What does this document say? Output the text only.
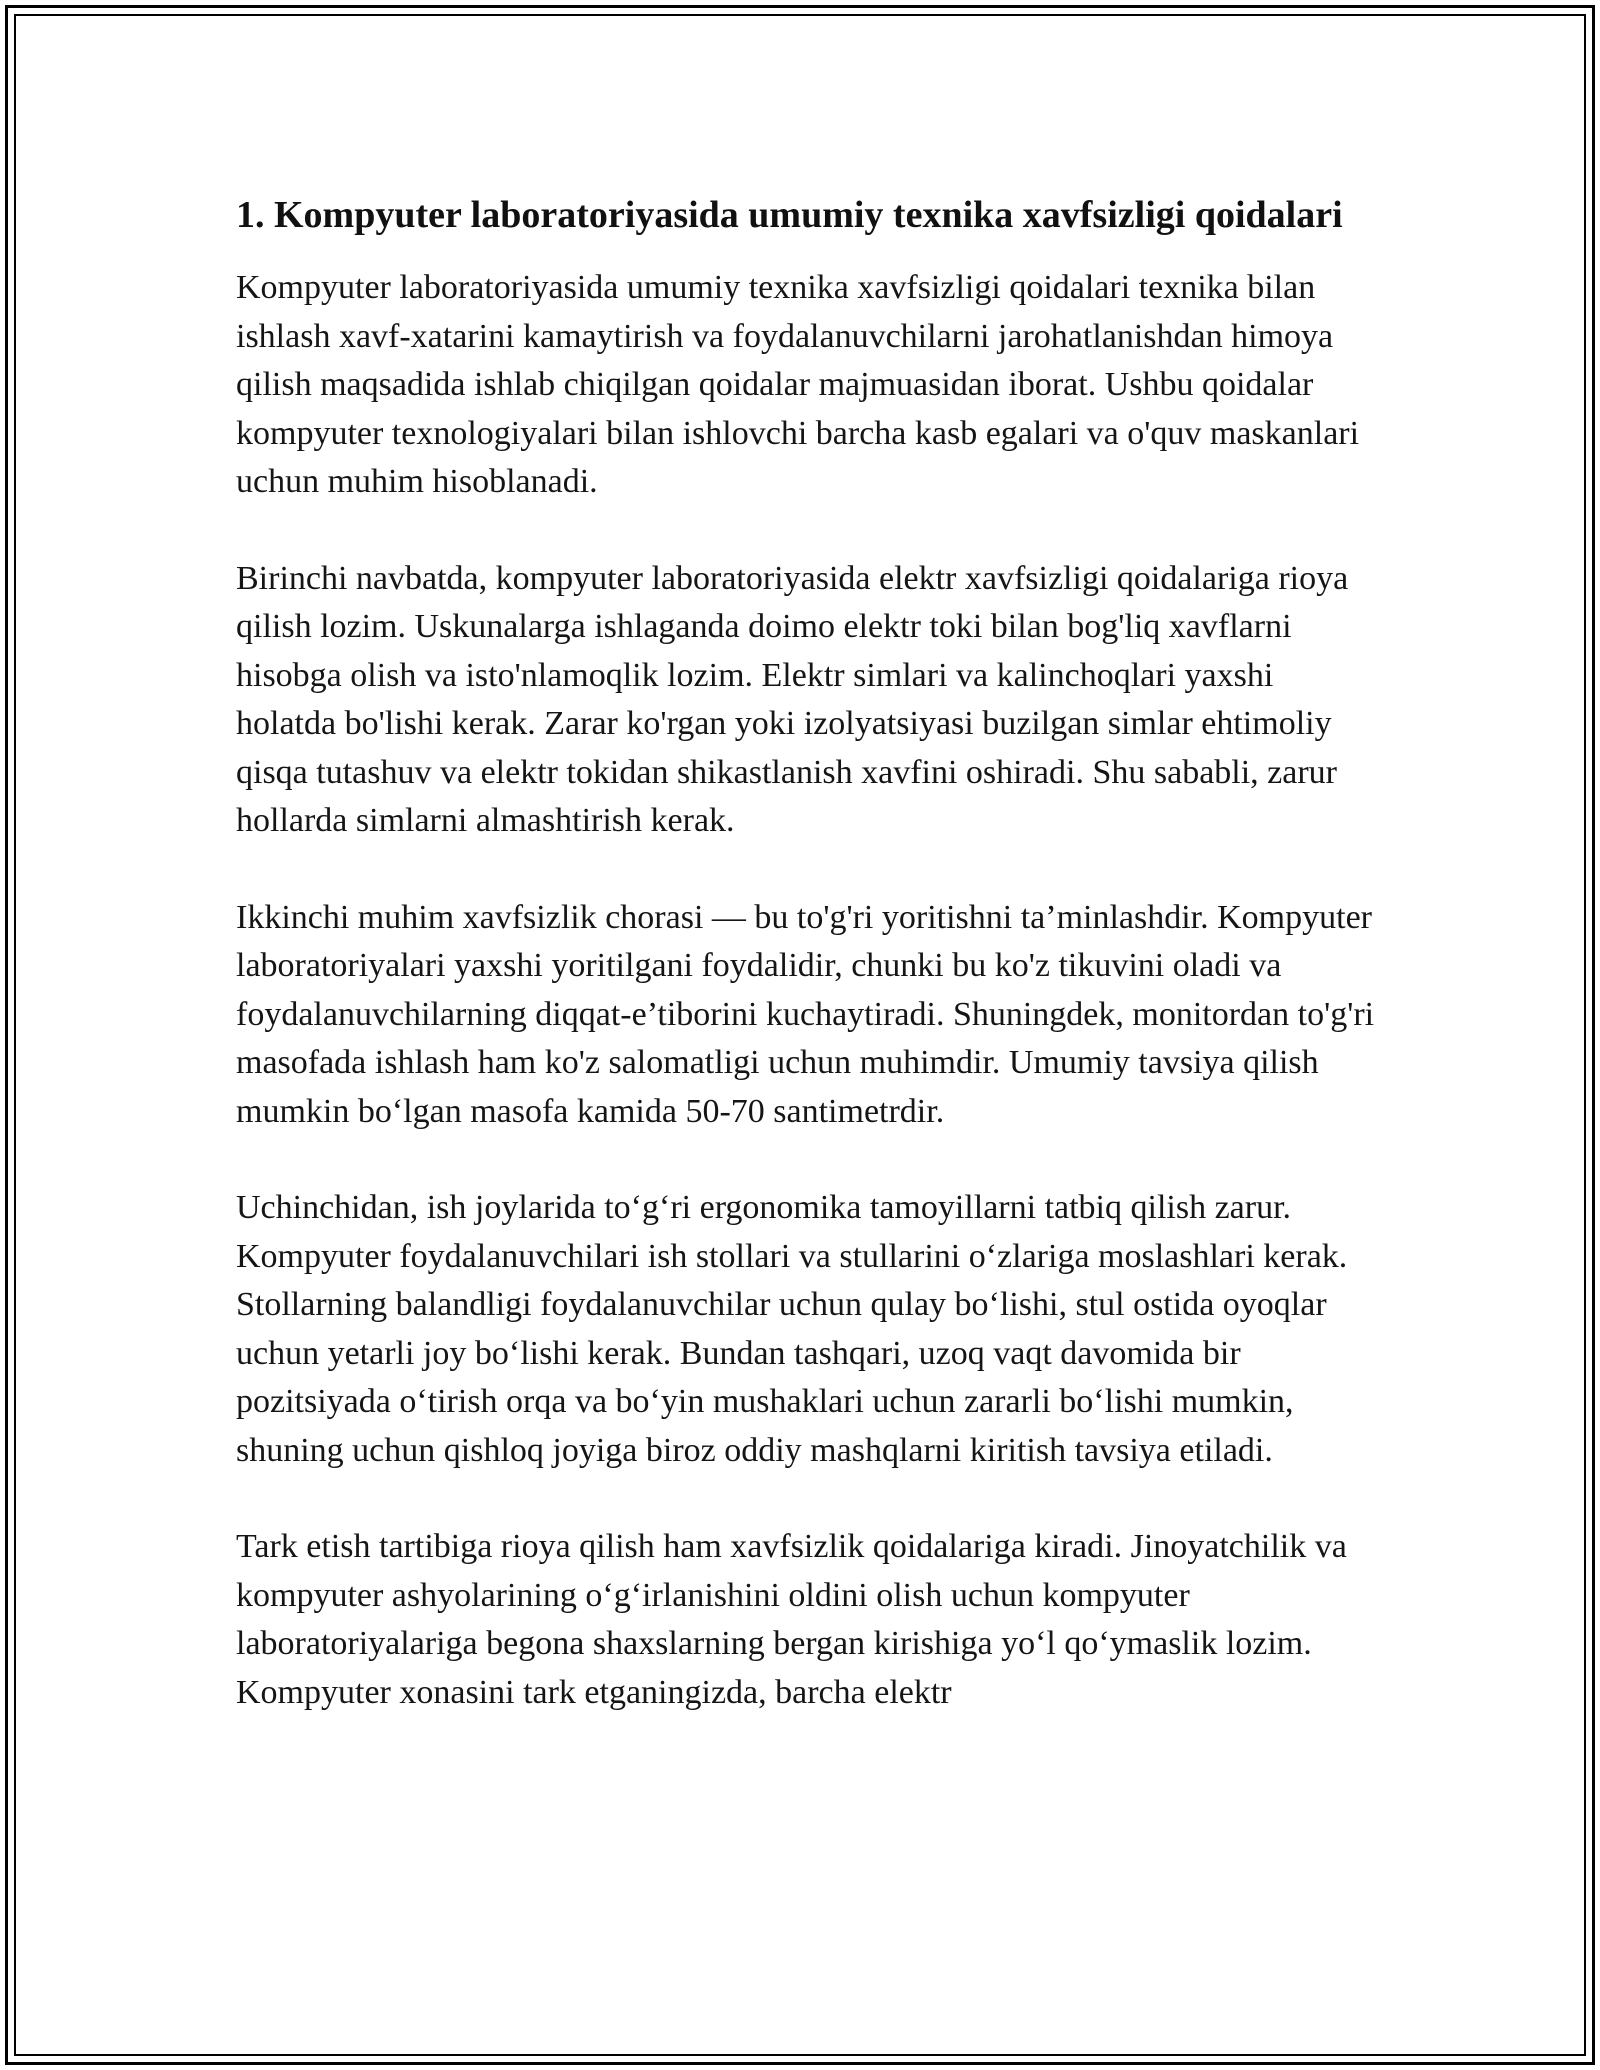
1. Kompyuter laboratoriyasida umumiy texnika xavfsizligi qoidalari

Kompyuter laboratoriyasida umumiy texnika xavfsizligi qoidalari texnika bilan ishlash xavf-xatarini kamaytirish va foydalanuvchilarni jarohatlanishdan himoya qilish maqsadida ishlab chiqilgan qoidalar majmuasidan iborat. Ushbu qoidalar kompyuter texnologiyalari bilan ishlovchi barcha kasb egalari va o'quv maskanlari uchun muhim hisoblanadi.

Birinchi navbatda, kompyuter laboratoriyasida elektr xavfsizligi qoidalariga rioya qilish lozim. Uskunalarga ishlaganda doimo elektr toki bilan bog'liq xavflarni hisobga olish va isto'nlamoqlik lozim. Elektr simlari va kalinchoqlari yaxshi holatda bo'lishi kerak. Zarar ko'rgan yoki izolyatsiyasi buzilgan simlar ehtimoliy qisqa tutashuv va elektr tokidan shikastlanish xavfini oshiradi. Shu sababli, zarur hollarda simlarni almashtirish kerak.

Ikkinchi muhim xavfsizlik chorasi — bu to'g'ri yoritishni ta’minlashdir. Kompyuter laboratoriyalari yaxshi yoritilgani foydalidir, chunki bu ko'z tikuvini oladi va foydalanuvchilarning diqqat-e’tiborini kuchaytiradi. Shuningdek, monitordan to'g'ri masofada ishlash ham ko'z salomatligi uchun muhimdir. Umumiy tavsiya qilish mumkin bo‘lgan masofa kamida 50-70 santimetrdir.

Uchinchidan, ish joylarida to‘g‘ri ergonomika tamoyillarni tatbiq qilish zarur. Kompyuter foydalanuvchilari ish stollari va stullarini o‘zlariga moslashlari kerak. Stollarning balandligi foydalanuvchilar uchun qulay bo‘lishi, stul ostida oyoqlar uchun yetarli joy bo‘lishi kerak. Bundan tashqari, uzoq vaqt davomida bir pozitsiyada o‘tirish orqa va bo‘yin mushaklari uchun zararli bo‘lishi mumkin, shuning uchun qishloq joyiga biroz oddiy mashqlarni kiritish tavsiya etiladi.

Tark etish tartibiga rioya qilish ham xavfsizlik qoidalariga kiradi. Jinoyatchilik va kompyuter ashyolarining o‘g‘irlanishini oldini olish uchun kompyuter laboratoriyalariga begona shaxslarning bergan kirishiga yo‘l qo‘ymaslik lozim. Kompyuter xonasini tark etganingizda, barcha elektr
